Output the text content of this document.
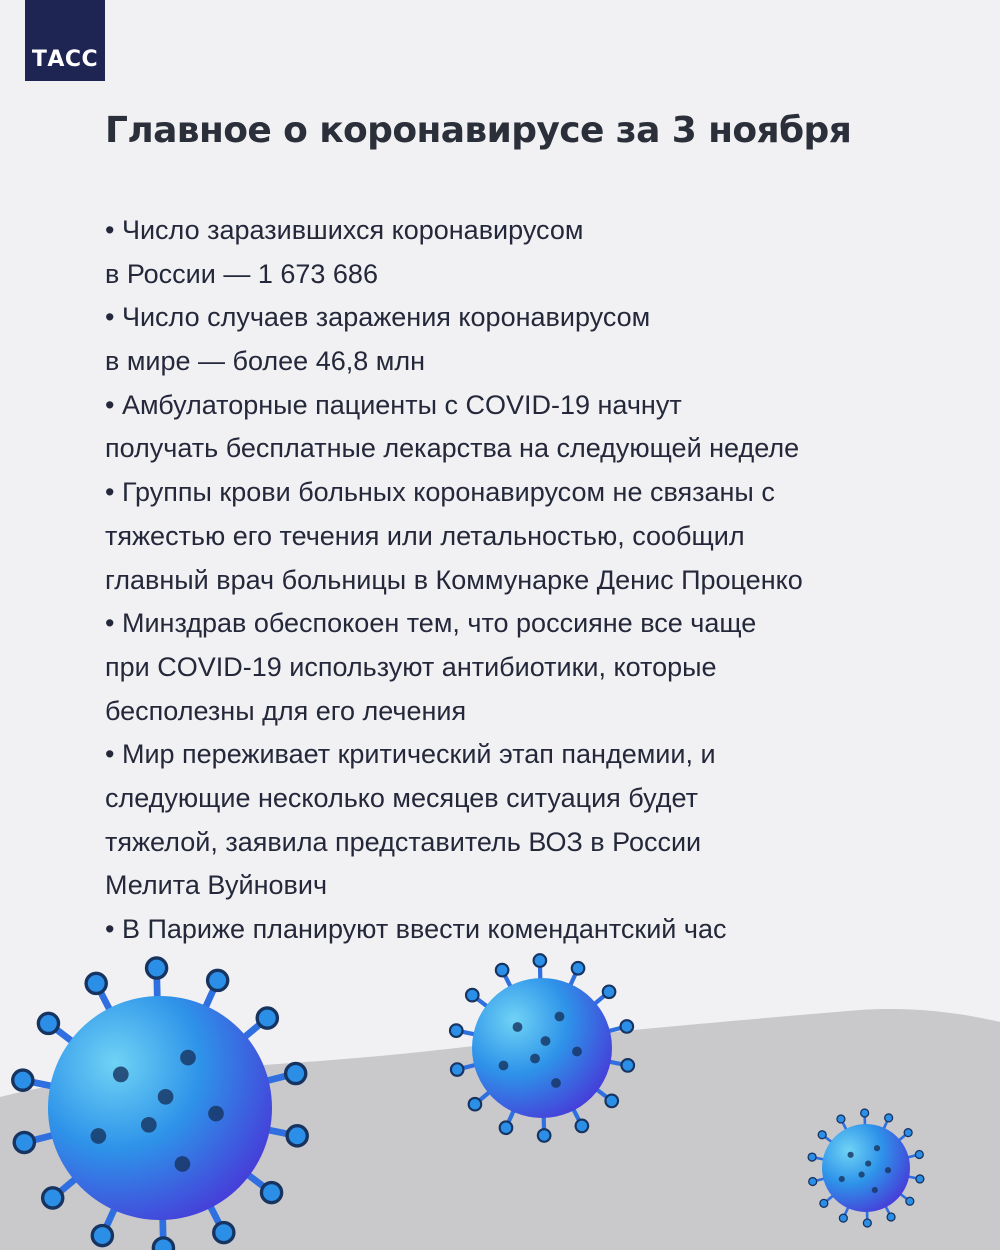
ТАСС
Главное о коронавирусе за 3 ноября
• Число заразившихся коронавирусом
в России — 1 673 686
• Число случаев заражения коронавирусом
в мире — более 46,8 млн
• Амбулаторные пациенты с COVID-19 начнут
получать бесплатные лекарства на следующей неделе
• Группы крови больных коронавирусом не связаны с
тяжестью его течения или летальностью, сообщил
главный врач больницы в Коммунарке Денис Проценко
• Минздрав обеспокоен тем, что россияне все чаще
при COVID-19 используют антибиотики, которые
бесполезны для его лечения
• Мир переживает критический этап пандемии, и
следующие несколько месяцев ситуация будет
тяжелой, заявила представитель ВОЗ в России
Мелита Вуйнович
• В Париже планируют ввести комендантский час
